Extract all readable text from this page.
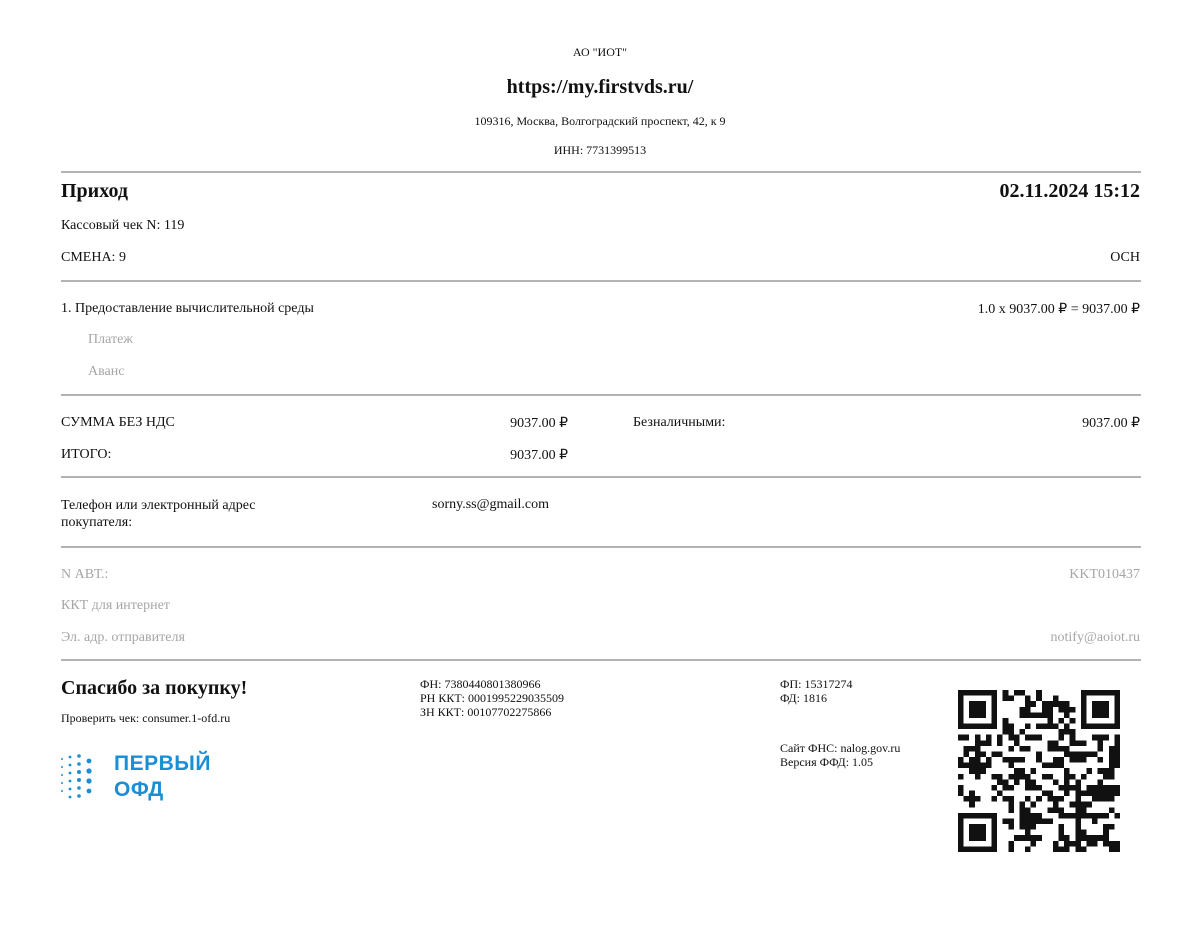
АО "ИОТ"
https://my.firstvds.ru/
109316, Москва, Волгоградский проспект, 42, к 9
ИНН: 7731399513
Приход	02.11.2024 15:12
Кассовый чек N: 119
СМЕНА: 9	ОСН
1. Предоставление вычислительной среды	1.0 x 9037.00 ₽ = 9037.00 ₽
Платеж
Аванс
СУММА БЕЗ НДС	9037.00 ₽	Безналичными:	9037.00 ₽
ИТОГО:	9037.00 ₽
Телефон или электронный адрес
покупателя:
sorny.ss@gmail.com
N АВТ.:	KKT010437
ККТ для интернет
Эл. адр. отправителя	notify@aoiot.ru
Спасибо за покупку!
Проверить чек: consumer.1-ofd.ru
ПЕРВЫЙ
ОФД
ФН: 7380440801380966
РН ККТ: 0001995229035509
ЗН ККТ: 00107702275866
ФП: 15317274
ФД: 1816
Сайт ФНС: nalog.gov.ru
Версия ФФД: 1.05
